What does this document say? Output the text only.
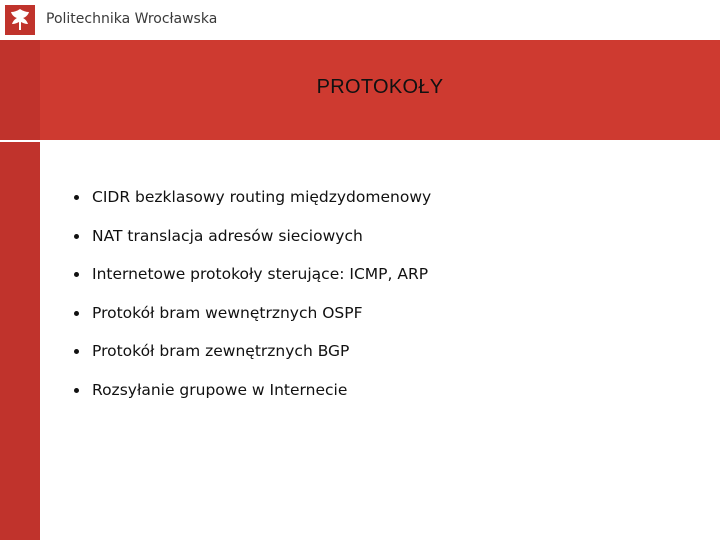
Politechnika Wrocławska
PROTOKOŁY
CIDR bezklasowy routing międzydomenowy
NAT translacja adresów sieciowych
Internetowe protokoły sterujące: ICMP, ARP
Protokół bram wewnętrznych OSPF
Protokół bram zewnętrznych BGP
Rozsyłanie grupowe w Internecie
